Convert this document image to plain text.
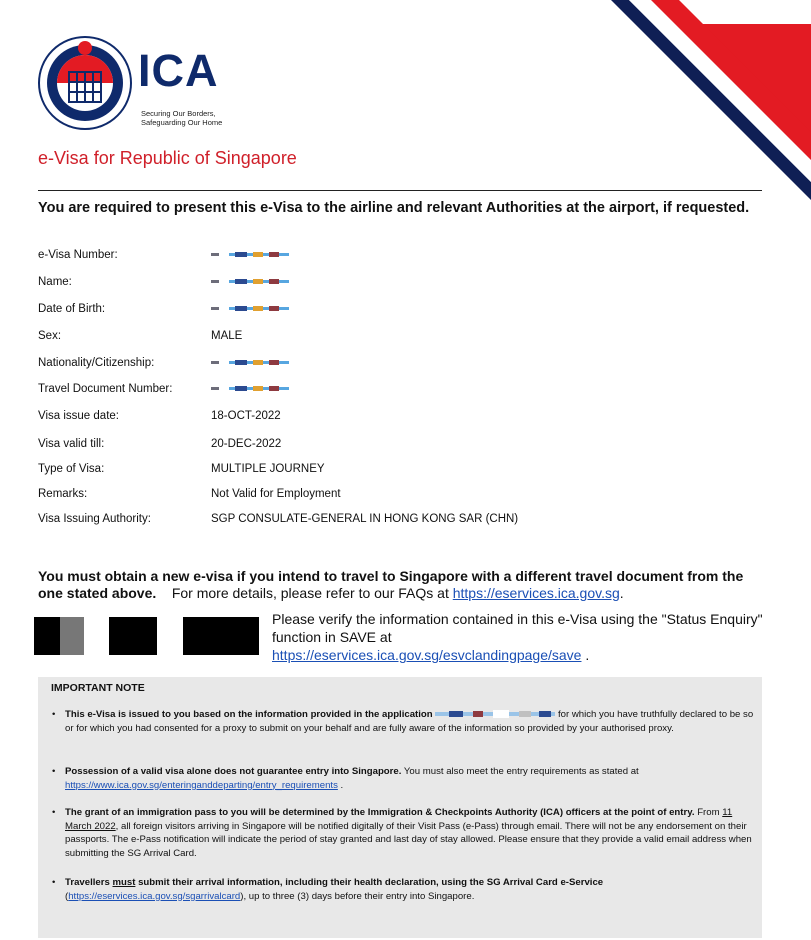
ICA
Securing Our Borders,
Safeguarding Our Home
e-Visa for Republic of Singapore
You are required to present this e-Visa to the airline and relevant Authorities at the airport, if requested.
e-Visa Number:
Name:
Date of Birth:
Sex:	MALE
Nationality/Citizenship:
Travel Document Number:
Visa issue date:	18-OCT-2022
Visa valid till:	20-DEC-2022
Type of Visa:	MULTIPLE JOURNEY
Remarks:	Not Valid for Employment
Visa Issuing Authority:	SGP CONSULATE-GENERAL IN HONG KONG SAR (CHN)
You must obtain a new e-visa if you intend to travel to Singapore with a different travel document from the one stated above. For more details, please refer to our FAQs at https://eservices.ica.gov.sg.
Please verify the information contained in this e-Visa using the "Status Enquiry" function in SAVE at
https://eservices.ica.gov.sg/esvclandingpage/save .
IMPORTANT NOTE
• This e-Visa is issued to you based on the information provided in the application	for which you have truthfully declared to be so or for which you had consented for a proxy to submit on your behalf and are fully aware of the information so provided by your authorised proxy.
• Possession of a valid visa alone does not guarantee entry into Singapore. You must also meet the entry requirements as stated at https://www.ica.gov.sg/enteringanddeparting/entry_requirements .
• The grant of an immigration pass to you will be determined by the Immigration & Checkpoints Authority (ICA) officers at the point of entry. From 11 March 2022, all foreign visitors arriving in Singapore will be notified digitally of their Visit Pass (e-Pass) through email. There will not be any endorsement on their passports. The e-Pass notification will indicate the period of stay granted and last day of stay allowed. Please ensure that they provide a valid email address when submitting the SG Arrival Card.
• Travellers must submit their arrival information, including their health declaration, using the SG Arrival Card e-Service (https://eservices.ica.gov.sg/sgarrivalcard), up to three (3) days before their entry into Singapore.
